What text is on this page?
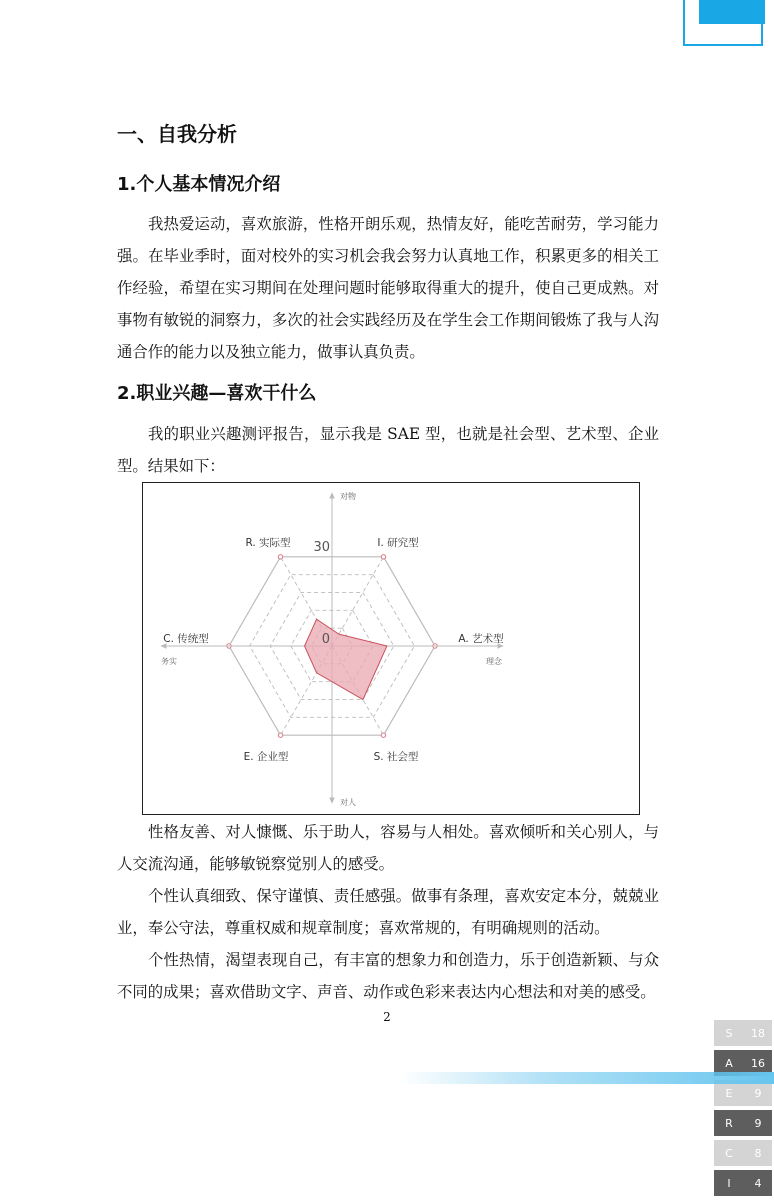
一、自我分析
1.个人基本情况介绍

我热爱运动，喜欢旅游，性格开朗乐观，热情友好，能吃苦耐劳，学习能力强。在毕业季时，面对校外的实习机会我会努力认真地工作，积累更多的相关工作经验，希望在实习期间在处理问题时能够取得重大的提升，使自己更成熟。对事物有敏锐的洞察力，多次的社会实践经历及在学生会工作期间锻炼了我与人沟通合作的能力以及独立能力，做事认真负责。

2.职业兴趣—喜欢干什么

我的职业兴趣测评报告，显示我是 SAE 型，也就是社会型、艺术型、企业型。结果如下：

I. 研究型
A. 艺术型
S. 社会型
E. 企业型
C. 传统型
R. 实际型 30
0
对物
对人
务实	理念
S	18
A	16
E	9
R	9
C	8
I	4

性格友善、对人慷慨、乐于助人，容易与人相处。喜欢倾听和关心别人，与人交流沟通，能够敏锐察觉别人的感受。

个性认真细致、保守谨慎、责任感强。做事有条理，喜欢安定本分，兢兢业业，奉公守法，尊重权威和规章制度；喜欢常规的，有明确规则的活动。

个性热情，渴望表现自己，有丰富的想象力和创造力，乐于创造新颖、与众不同的成果；喜欢借助文字、声音、动作或色彩来表达内心想法和对美的感受。

2
